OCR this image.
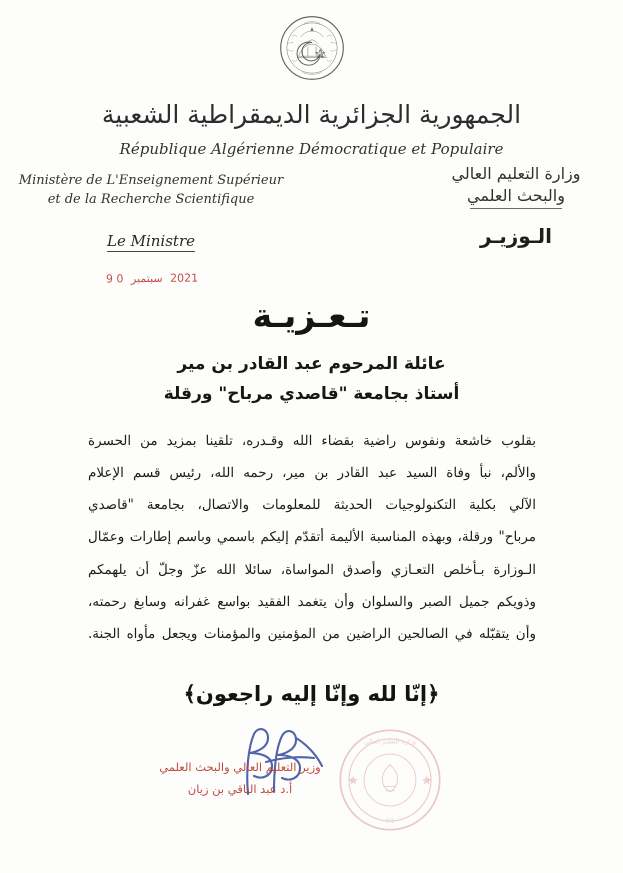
الجمهورية الجزائرية الديمقراطية الشعبية
République Algérienne Démocratique et Populaire
Ministère de L'Enseignement Supérieur
et de la Recherche Scientifique
وزارة التعليم العالي
والبحث العلمي
Le Ministre	الـوزيـر
2021 سبتمبر 0 9
تـعـزيـة
عائلة المرحوم عبد القادر بن مير
أستاذ بجامعة "قاصدي مرباح" ورقلة
بقلوب خاشعة ونفوس راضية بقضاء الله وقـدره، تلقينا بمزيد من الحسرة
والألم، نبأ وفاة السيد عبد القادر بن مير، رحمه الله، رئيس قسم الإعلام
الآلي بكلية التكنولوجيات الحديثة للمعلومات والاتصال، بجامعة "قاصدي
مرباح" ورقلة، وبهذه المناسبة الأليمة أتقدّم إليكم باسمي وباسم إطارات وعمّال
الـوزارة بـأخلص التعـازي وأصدق المواساة، سائلا الله عزّ وجلّ أن يلهمكم
وذويكم جميل الصبر والسلوان وأن يتغمد الفقيد بواسع غفرانه وسابغ رحمته،
وأن يتقبّله في الصالحين الراضين من المؤمنين والمؤمنات ويجعل مأواه الجنة.
﴿إنّا لله وإنّا إليه راجعون﴾
وزارة التعليم العالي
01
وزير التعليم العالي والبحث العلمي
أ.د عبد الباقي بن زيان
